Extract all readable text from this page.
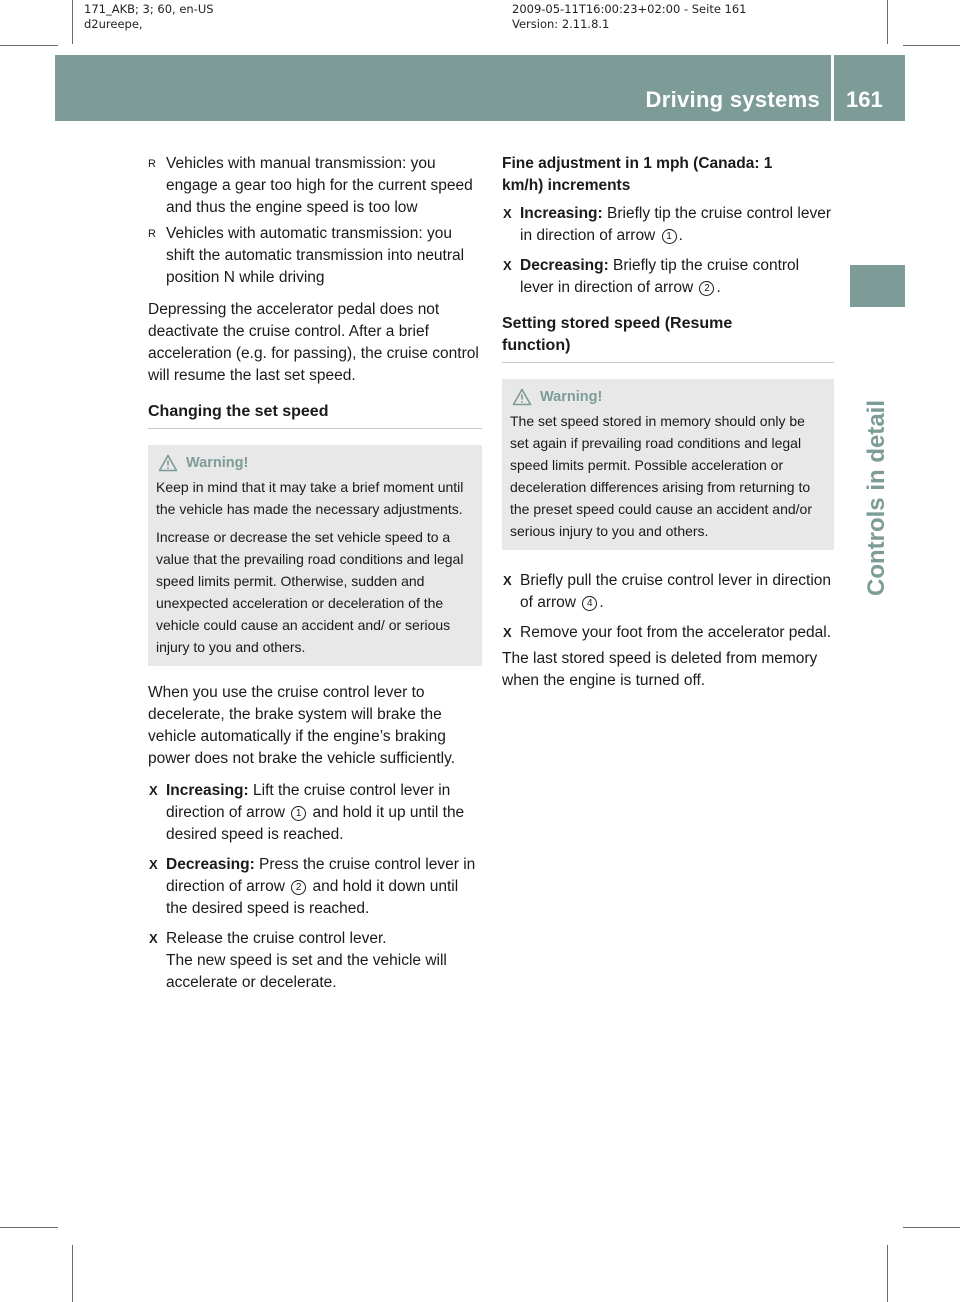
171_AKB; 3; 60, en-US
d2ureepe,
2009-05-11T16:00:23+02:00 - Seite 161
Version: 2.11.8.1
Driving systems 161
Controls in detail
R Vehicles with manual transmission: you engage a gear too high for the current speed and thus the engine speed is too low
R Vehicles with automatic transmission: you shift the automatic transmission into neutral position N while driving

Depressing the accelerator pedal does not deactivate the cruise control. After a brief acceleration (e.g. for passing), the cruise control will resume the last set speed.

Changing the set speed
Warning!

Keep in mind that it may take a brief moment until the vehicle has made the necessary adjustments.

Increase or decrease the set vehicle speed to a value that the prevailing road conditions and legal speed limits permit. Otherwise, sudden and unexpected acceleration or deceleration of the vehicle could cause an accident and/ or serious injury to you and others.

When you use the cruise control lever to decelerate, the brake system will brake the vehicle automatically if the engine’s braking power does not brake the vehicle sufficiently.

X Increasing: Lift the cruise control lever in direction of arrow 1 and hold it up until the desired speed is reached.
X Decreasing: Press the cruise control lever in direction of arrow 2 and hold it down until the desired speed is reached.
X Release the cruise control lever.
The new speed is set and the vehicle will accelerate or decelerate.
Fine adjustment in 1 mph (Canada: 1 km/h) increments
X Increasing: Briefly tip the cruise control lever in direction of arrow 1 .
X Decreasing: Briefly tip the cruise control lever in direction of arrow 2 .
Setting stored speed (Resume function)
Warning!

The set speed stored in memory should only be set again if prevailing road conditions and legal speed limits permit. Possible acceleration or deceleration differences arising from returning to the preset speed could cause an accident and/or serious injury to you and others.

X Briefly pull the cruise control lever in direction of arrow 4 .
X Remove your foot from the accelerator pedal.

The last stored speed is deleted from memory when the engine is turned off.
